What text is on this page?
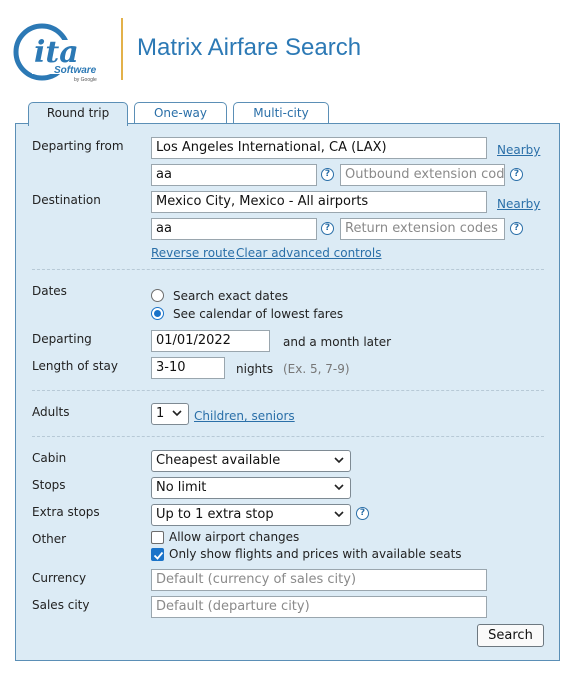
ita
Software
by Google
Matrix Airfare Search
Round trip	One-way	Multi-city
Departing from	Los Angeles International, CA (LAX)	Nearby
aa	?	Outbound extension cod	?
Destination	Mexico City, Mexico - All airports	Nearby
aa	?	Return extension codes	?
Reverse route Clear advanced controls
Dates	Search exact dates
See calendar of lowest fares
Departing	01/01/2022	and a month later
Length of stay	3-10	nights (Ex. 5, 7-9)
Adults	1	Children, seniors
Cabin	Cheapest available
Stops	No limit
Extra stops	Up to 1 extra stop	?
Other	Allow airport changes
Only show flights and prices with available seats
Currency	Default (currency of sales city)
Sales city	Default (departure city)
Search
